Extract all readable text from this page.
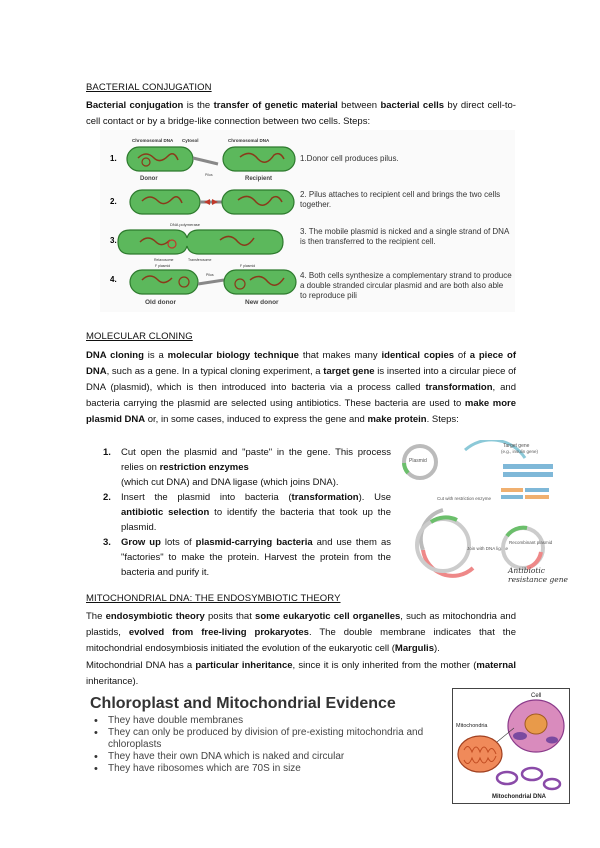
BACTERIAL CONJUGATION
Bacterial conjugation is the transfer of genetic material between bacterial cells by direct cell-to-cell contact or by a bridge-like connection between two cells. Steps:
1.
2.
3.
4.
Chromosomal DNA Cytosol	Chromosomal DNA
Donor
Pilus
Recipient
DNA polymerase
Relaxosome	Transferosome
F plasmid	F plasmid
Pilus
Old donor	New donor
1.Donor cell produces pilus.
2. Pilus attaches to recipient cell and brings the two cells together.
3. The mobile plasmid is nicked and a single strand of DNA is then transferred to the recipient cell.
4. Both cells synthesize a complementary strand to produce a double stranded circular plasmid and are both also able to reproduce pili
MOLECULAR CLONING
DNA cloning is a molecular biology technique that makes many identical copies of a piece of DNA, such as a gene. In a typical cloning experiment, a target gene is inserted into a circular piece of DNA (plasmid), which is then introduced into bacteria via a process called transformation, and bacteria carrying the plasmid are selected using antibiotics. These bacteria are used to make more plasmid DNA or, in some cases, induced to express the gene and make protein. Steps:
1. Cut open the plasmid and "paste" in the gene. This process relies on restriction enzymes
(which cut DNA) and DNA ligase (which joins DNA).
2. Insert the plasmid into bacteria (transformation). Use antibiotic selection to identify the bacteria that took up the plasmid.
3. Grow up lots of plasmid-carrying bacteria and use them as "factories" to make the protein. Harvest the protein from the bacteria and purify it.
Plasmid
Target gene
(e.g., insulin gene)
Cut with restriction enzyme
Join with DNA ligase
Recombinant plasmid
Antibiotic resistance gene
MITOCHONDRIAL DNA: THE ENDOSYMBIOTIC THEORY
The endosymbiotic theory posits that some eukaryotic cell organelles, such as mitochondria and plastids, evolved from free-living prokaryotes. The double membrane indicates that the mitochondrial endosymbiosis initiated the evolution of the eukaryotic cell (Margulis).
Mitochondrial DNA has a particular inheritance, since it is only inherited from the mother (maternal inheritance).
Chloroplast and Mitochondrial Evidence
• They have double membranes
• They can only be produced by division of pre-existing mitochondria and chloroplasts
• They have their own DNA which is naked and circular
• They have ribosomes which are 70S in size
Cell
Mitochondria
Mitochondrial DNA
